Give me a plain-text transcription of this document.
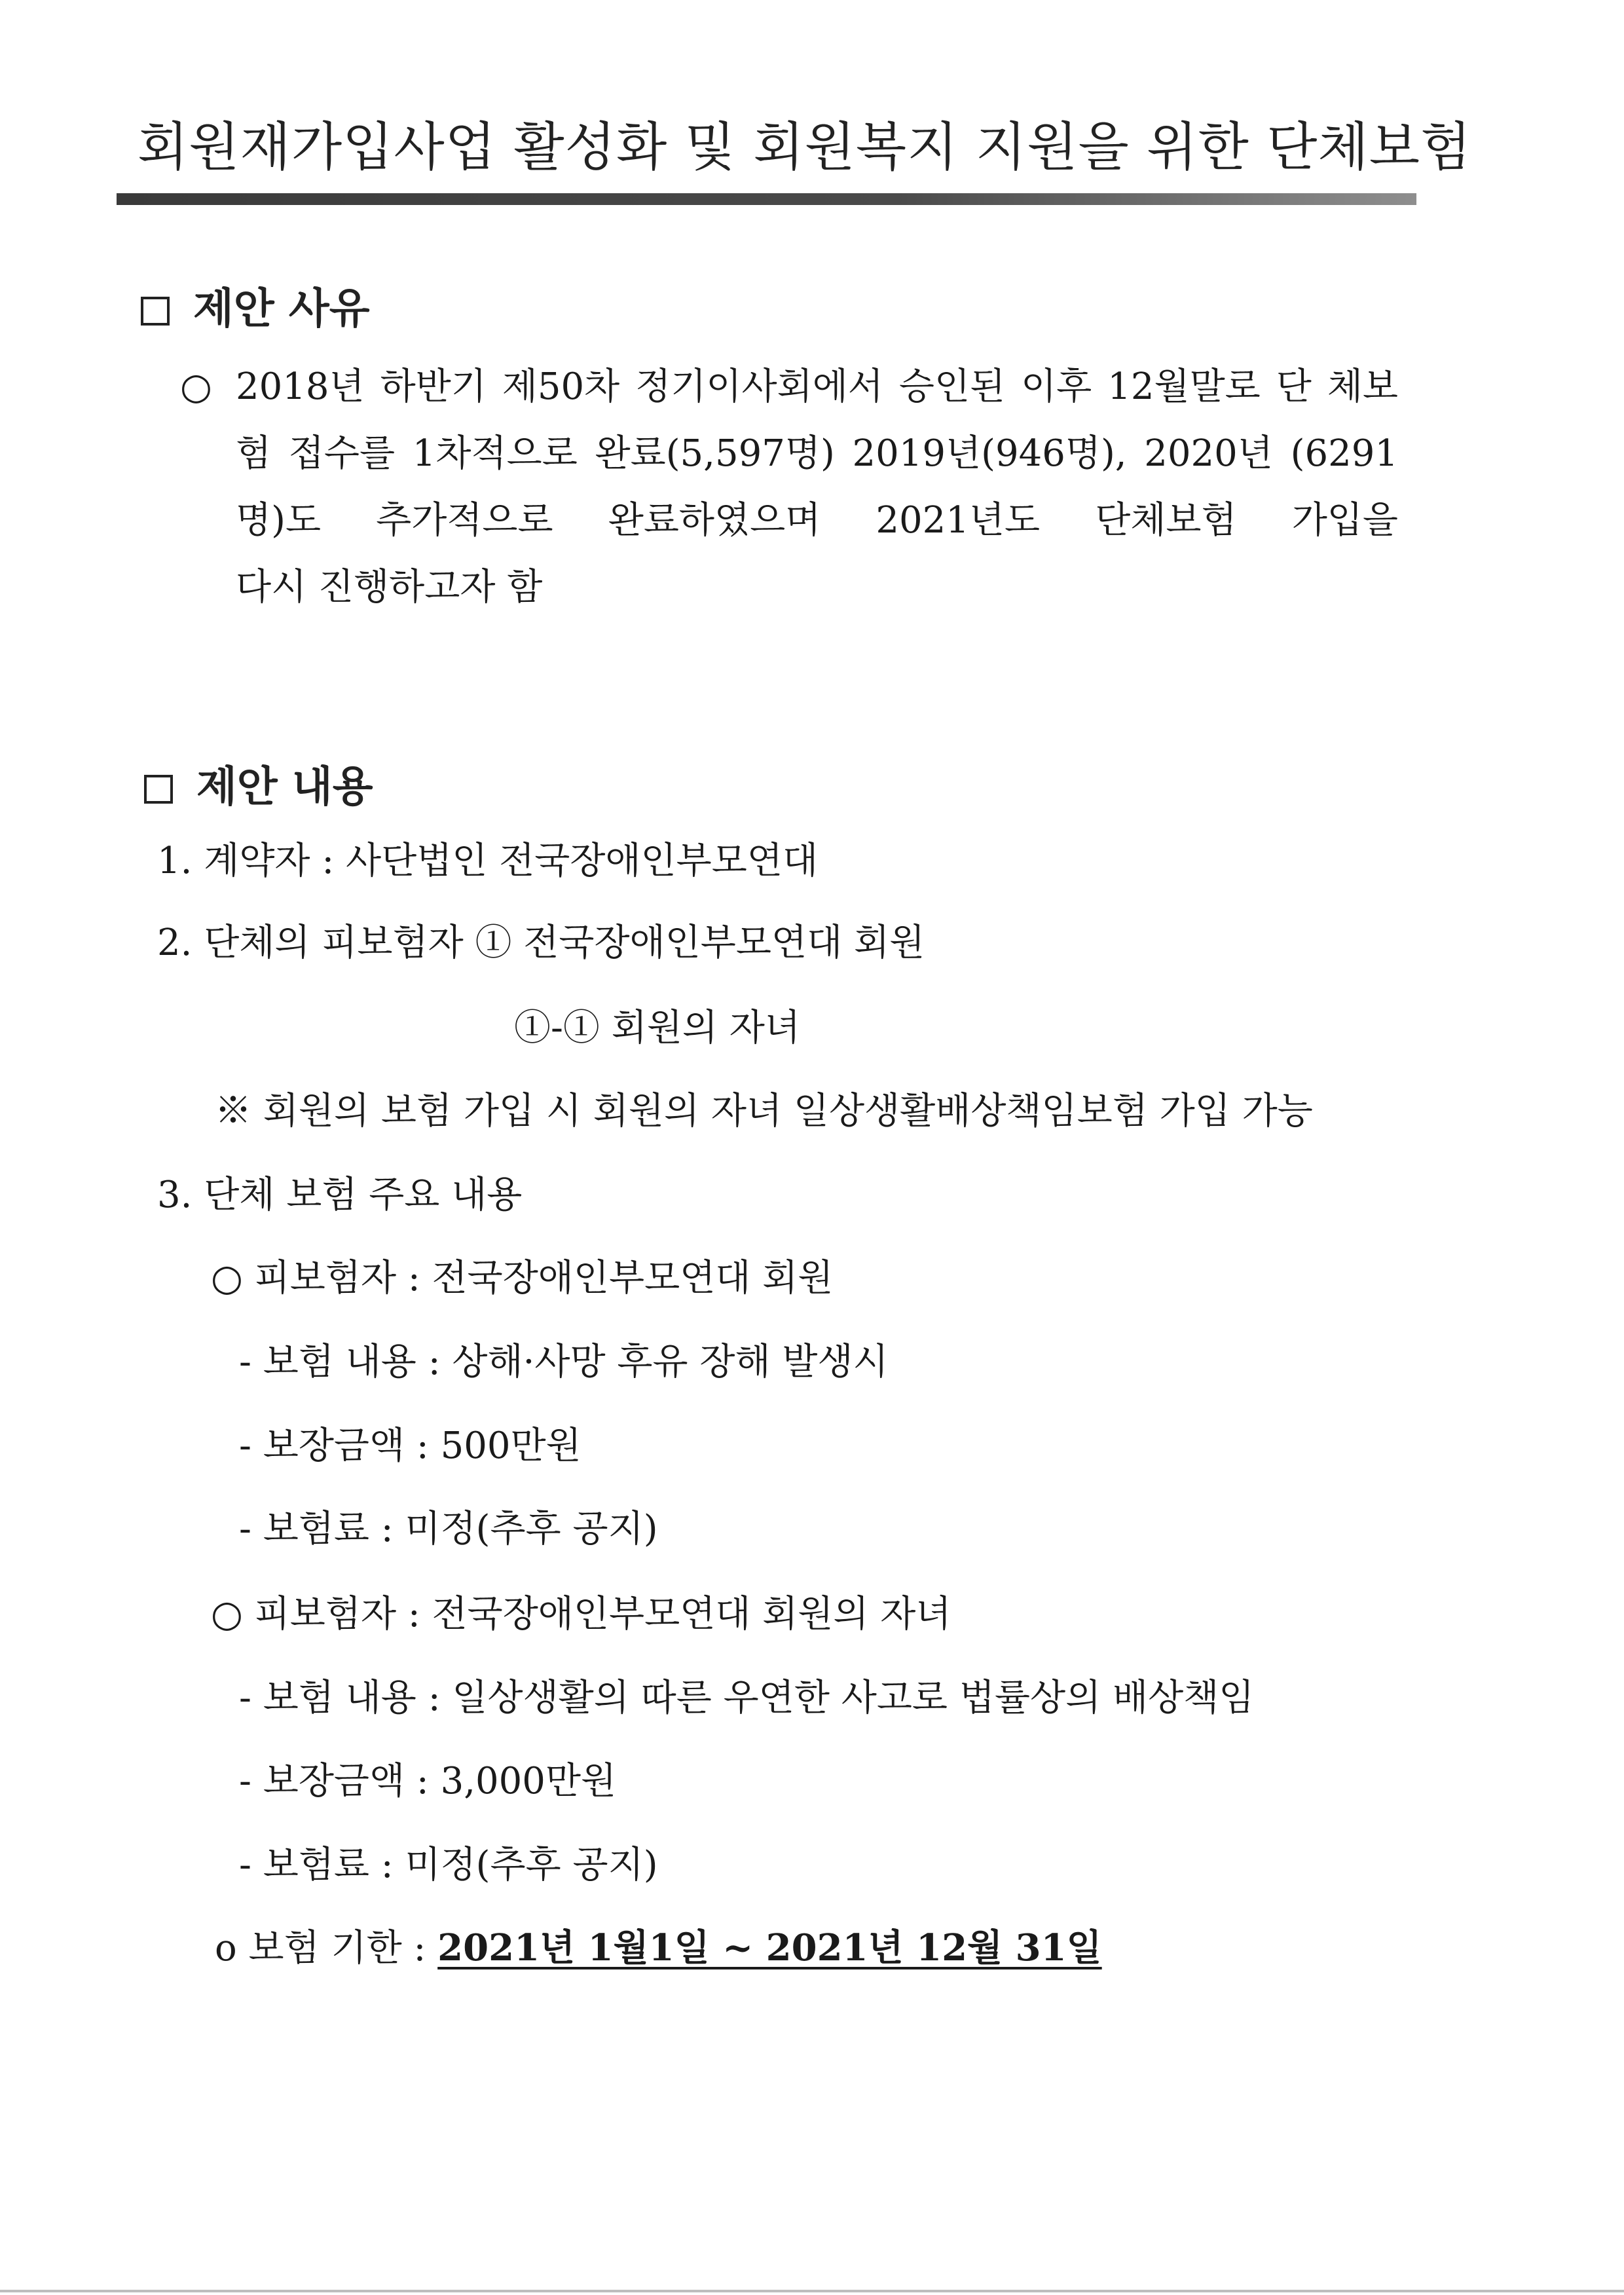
회원재가입사업 활성화 및 회원복지 지원을 위한 단체보험
제안 사유
○ 2018년 하반기 제50차 정기이사회에서 승인된 이후 12월말로 단 체보험 접수를 1차적으로 완료(5,597명) 2019년(946명), 2020년 (6291명)도 추가적으로 완료하였으며 2021년도 단체보험 가입을
다시 진행하고자 함
제안 내용
1. 계약자 : 사단법인 전국장애인부모연대
2. 단체의 피보험자 ① 전국장애인부모연대 회원
①-① 회원의 자녀
※ 회원의 보험 가입 시 회원의 자녀 일상생활배상책임보험 가입 가능
3. 단체 보험 주요 내용
○ 피보험자 : 전국장애인부모연대 회원
- 보험 내용 : 상해·사망 후유 장해 발생시
- 보장금액 : 500만원
- 보험료 : 미정(추후 공지)
○ 피보험자 : 전국장애인부모연대 회원의 자녀
- 보험 내용 : 일상생활의 따른 우연한 사고로 법률상의 배상책임
- 보장금액 : 3,000만원
- 보험료 : 미정(추후 공지)
o 보험 기한 : 2021년 1월1일 ~ 2021년 12월 31일
